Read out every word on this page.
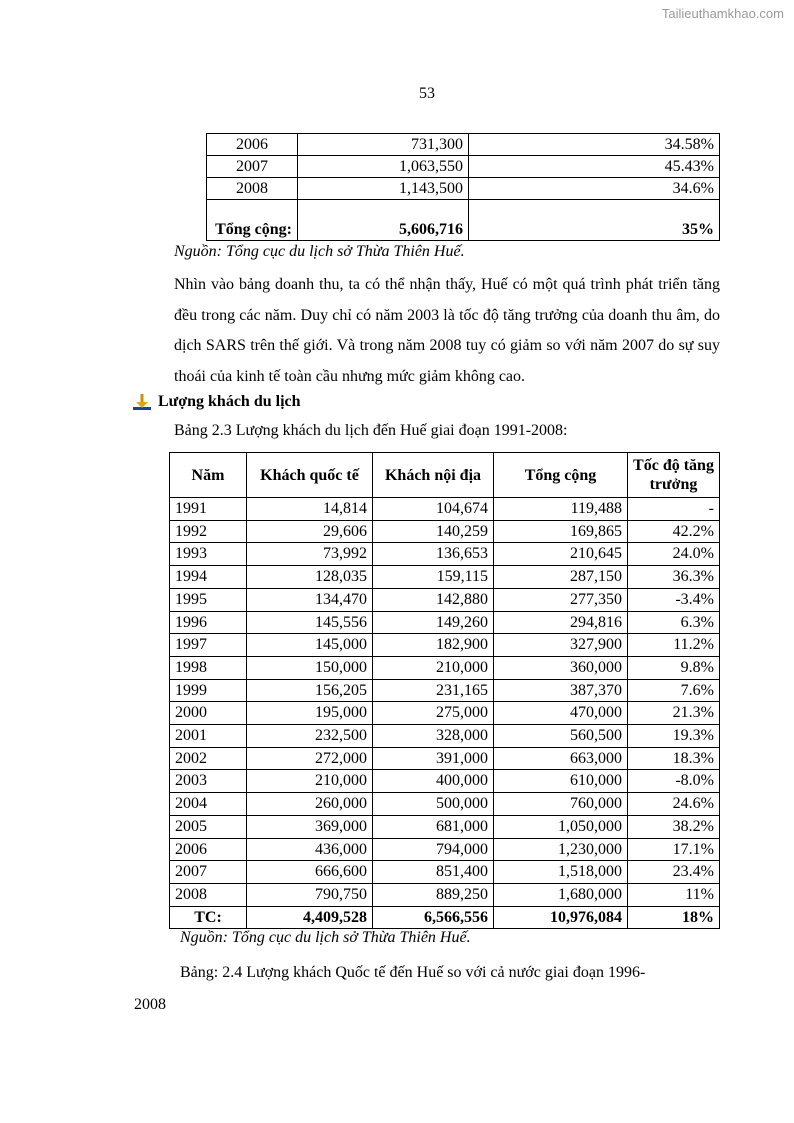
Tailieuthamkhao.com
53
2006	731,300	34.58%
2007	1,063,550	45.43%
2008	1,143,500	34.6%
Tổng cộng:	5,606,716	35%
Nguồn: Tổng cục du lịch sở Thừa Thiên Huế.

Nhìn vào bảng doanh thu, ta có thể nhận thấy, Huế có một quá trình phát triển tăng đều trong các năm. Duy chỉ có năm 2003 là tốc độ tăng trưởng của doanh thu âm, do dịch SARS trên thế giới. Và trong năm 2008 tuy có giảm so với năm 2007 do sự suy thoái của kinh tế toàn cầu nhưng mức giảm không cao.

Lượng khách du lịch
Bảng 2.3 Lượng khách du lịch đến Huế giai đoạn 1991-2008:
Năm	Khách quốc tế	Khách nội địa	Tổng cộng	Tốc độ tăng trưởng
1991	14,814	104,674	119,488	-
1992	29,606	140,259	169,865	42.2%
1993	73,992	136,653	210,645	24.0%
1994	128,035	159,115	287,150	36.3%
1995	134,470	142,880	277,350	-3.4%
1996	145,556	149,260	294,816	6.3%
1997	145,000	182,900	327,900	11.2%
1998	150,000	210,000	360,000	9.8%
1999	156,205	231,165	387,370	7.6%
2000	195,000	275,000	470,000	21.3%
2001	232,500	328,000	560,500	19.3%
2002	272,000	391,000	663,000	18.3%
2003	210,000	400,000	610,000	-8.0%
2004	260,000	500,000	760,000	24.6%
2005	369,000	681,000	1,050,000	38.2%
2006	436,000	794,000	1,230,000	17.1%
2007	666,600	851,400	1,518,000	23.4%
2008	790,750	889,250	1,680,000	11%
TC:	4,409,528	6,566,556	10,976,084	18%
Nguồn: Tổng cục du lịch sở Thừa Thiên Huế.

Bảng: 2.4 Lượng khách Quốc tế đến Huế so với cả nước giai đoạn 1996-
2008
